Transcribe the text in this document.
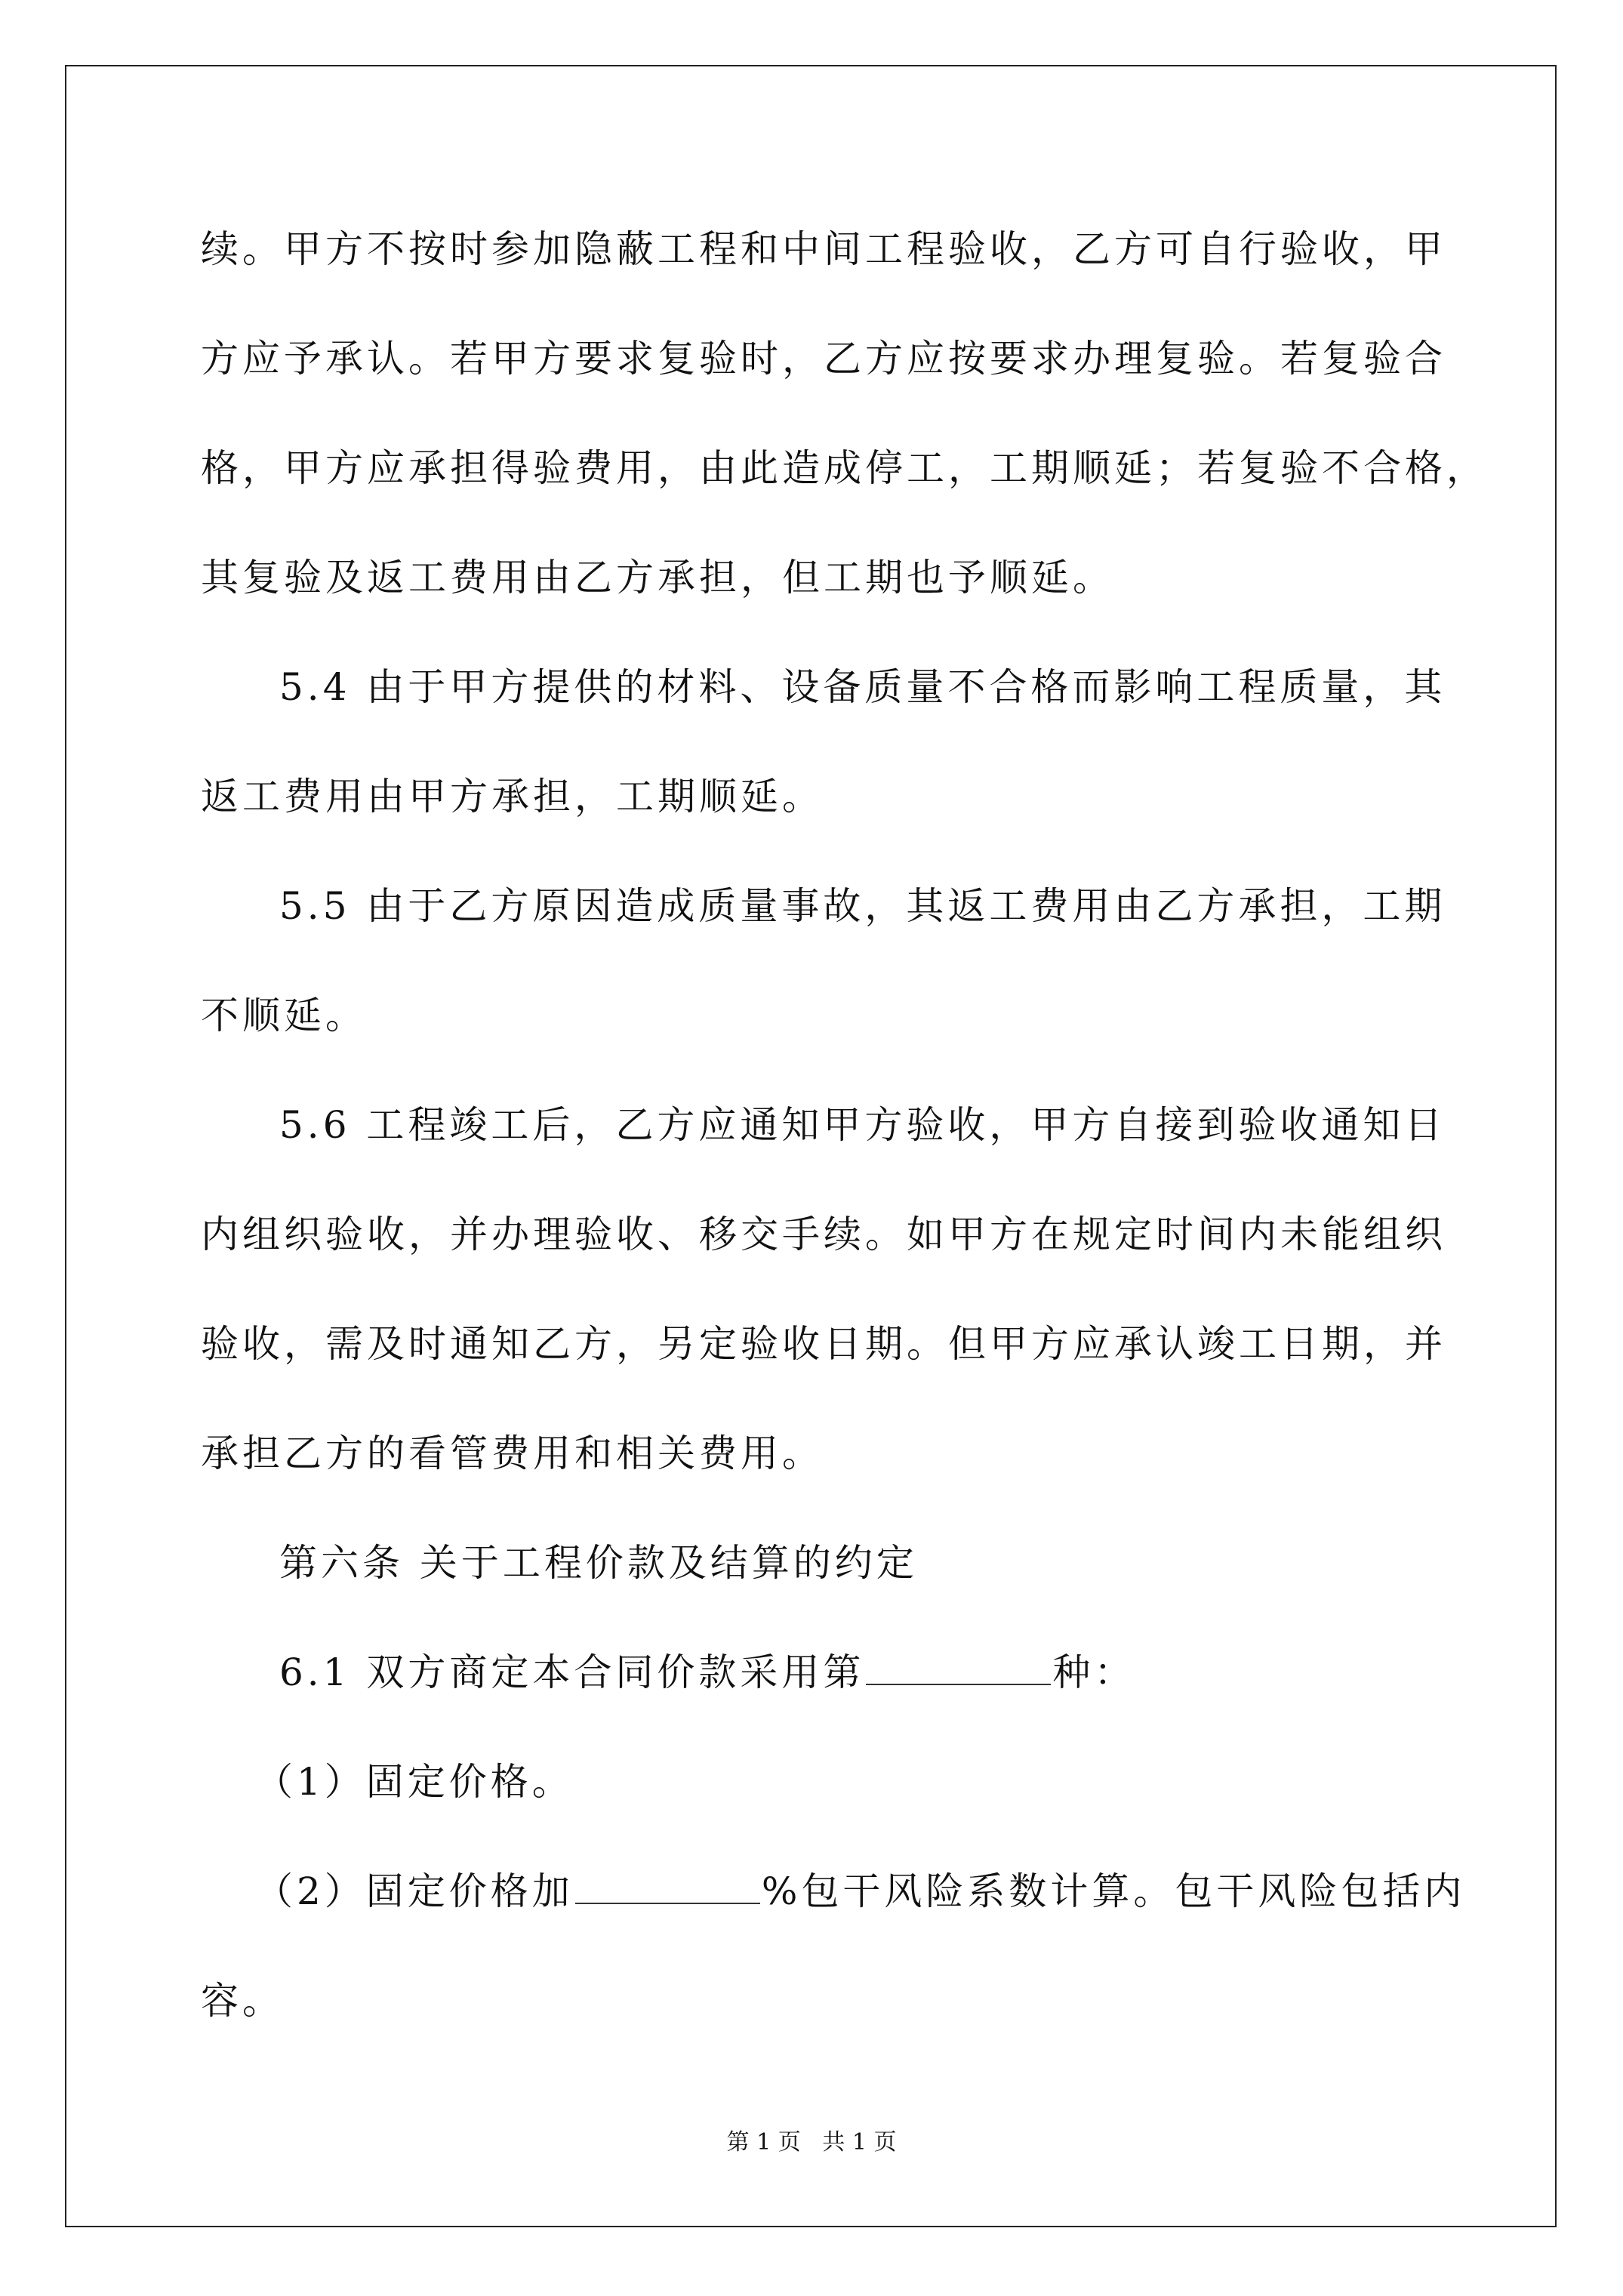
续。甲方不按时参加隐蔽工程和中间工程验收，乙方可自行验收，甲
方应予承认。若甲方要求复验时，乙方应按要求办理复验。若复验合
格，甲方应承担得验费用，由此造成停工，工期顺延；若复验不合格，
其复验及返工费用由乙方承担，但工期也予顺延。
5.4 由于甲方提供的材料、设备质量不合格而影响工程质量，其
返工费用由甲方承担，工期顺延。
5.5 由于乙方原因造成质量事故，其返工费用由乙方承担，工期
不顺延。
5.6 工程竣工后，乙方应通知甲方验收，甲方自接到验收通知日
内组织验收，并办理验收、移交手续。如甲方在规定时间内未能组织
验收，需及时通知乙方，另定验收日期。但甲方应承认竣工日期，并
承担乙方的看管费用和相关费用。
第六条 关于工程价款及结算的约定
6.1 双方商定本合同价款采用第	种：
（1）固定价格。
（2）固定价格加	%包干风险系数计算。包干风险包括内
容。
第 1 页   共 1 页
